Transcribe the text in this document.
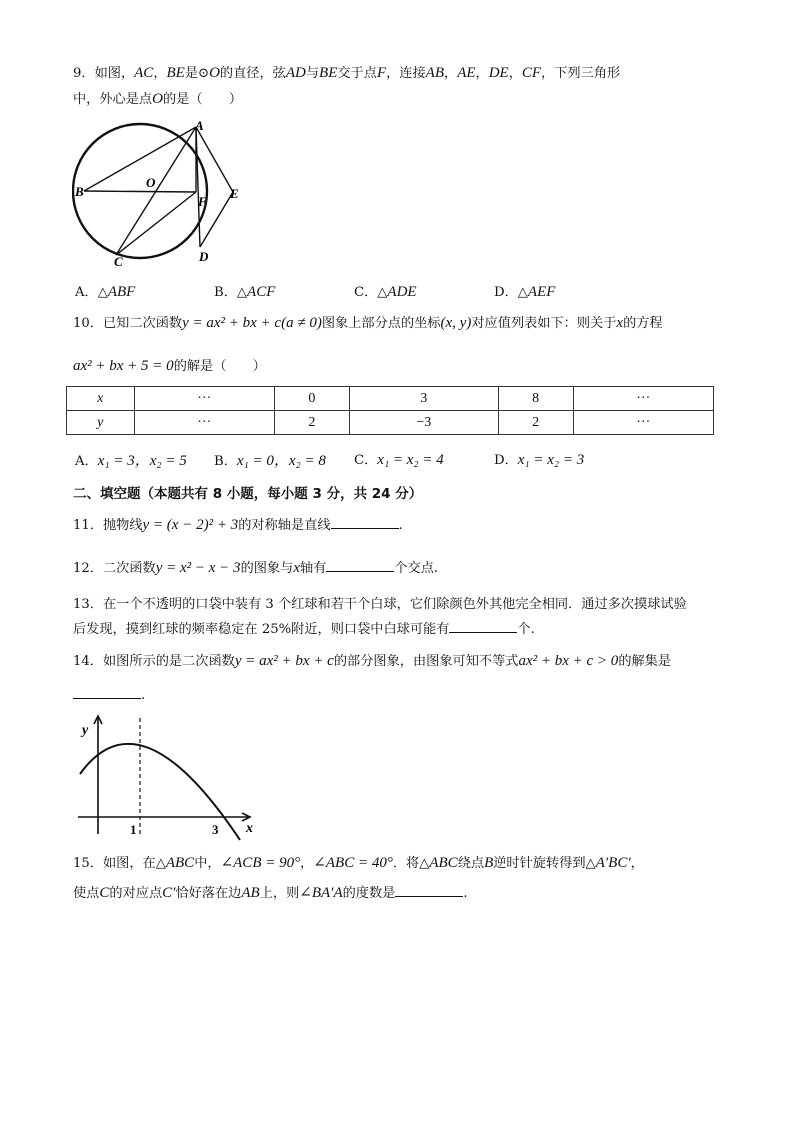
9．如图，AC，BE是⊙O的直径，弦AD与BE交于点F，连接AB，AE，DE，CF，下列三角形
中，外心是点O的是（　　）
A
B
O
F
E
C	D
A．△ABF	B．△ACF	C．△ADE	D．△AEF
10．已知二次函数y = ax² + bx + c(a ≠ 0)图象上部分点的坐标(x, y)对应值列表如下：则关于x的方程
ax² + bx + 5 = 0的解是（　　）
x	···	0	3	8	···
y	···	2	−3	2	···
A．x₁ = 3，x₂ = 5 B．x₁ = 0，x₂ = 8 C．x₁ = x₂ = 4	D．x₁ = x₂ = 3
二、填空题（本题共有 8 小题，每小题 3 分，共 24 分）
11．抛物线y = (x − 2)² + 3的对称轴是直线	.
12．二次函数y = x² − x − 3的图象与x轴有	个交点.
13．在一个不透明的口袋中装有 3 个红球和若干个白球，它们除颜色外其他完全相同．通过多次摸球试验
后发现，摸到红球的频率稳定在 25%附近，则口袋中白球可能有	个.
14．如图所示的是二次函数y = ax² + bx + c的部分图象，由图象可知不等式ax² + bx + c > 0的解集是
.
y
x
1	3
15．如图，在△ABC中，∠ACB = 90°，∠ABC = 40°．将△ABC绕点B逆时针旋转得到△A′BC′，
使点C的对应点C′恰好落在边AB上，则∠BA′A的度数是	.
